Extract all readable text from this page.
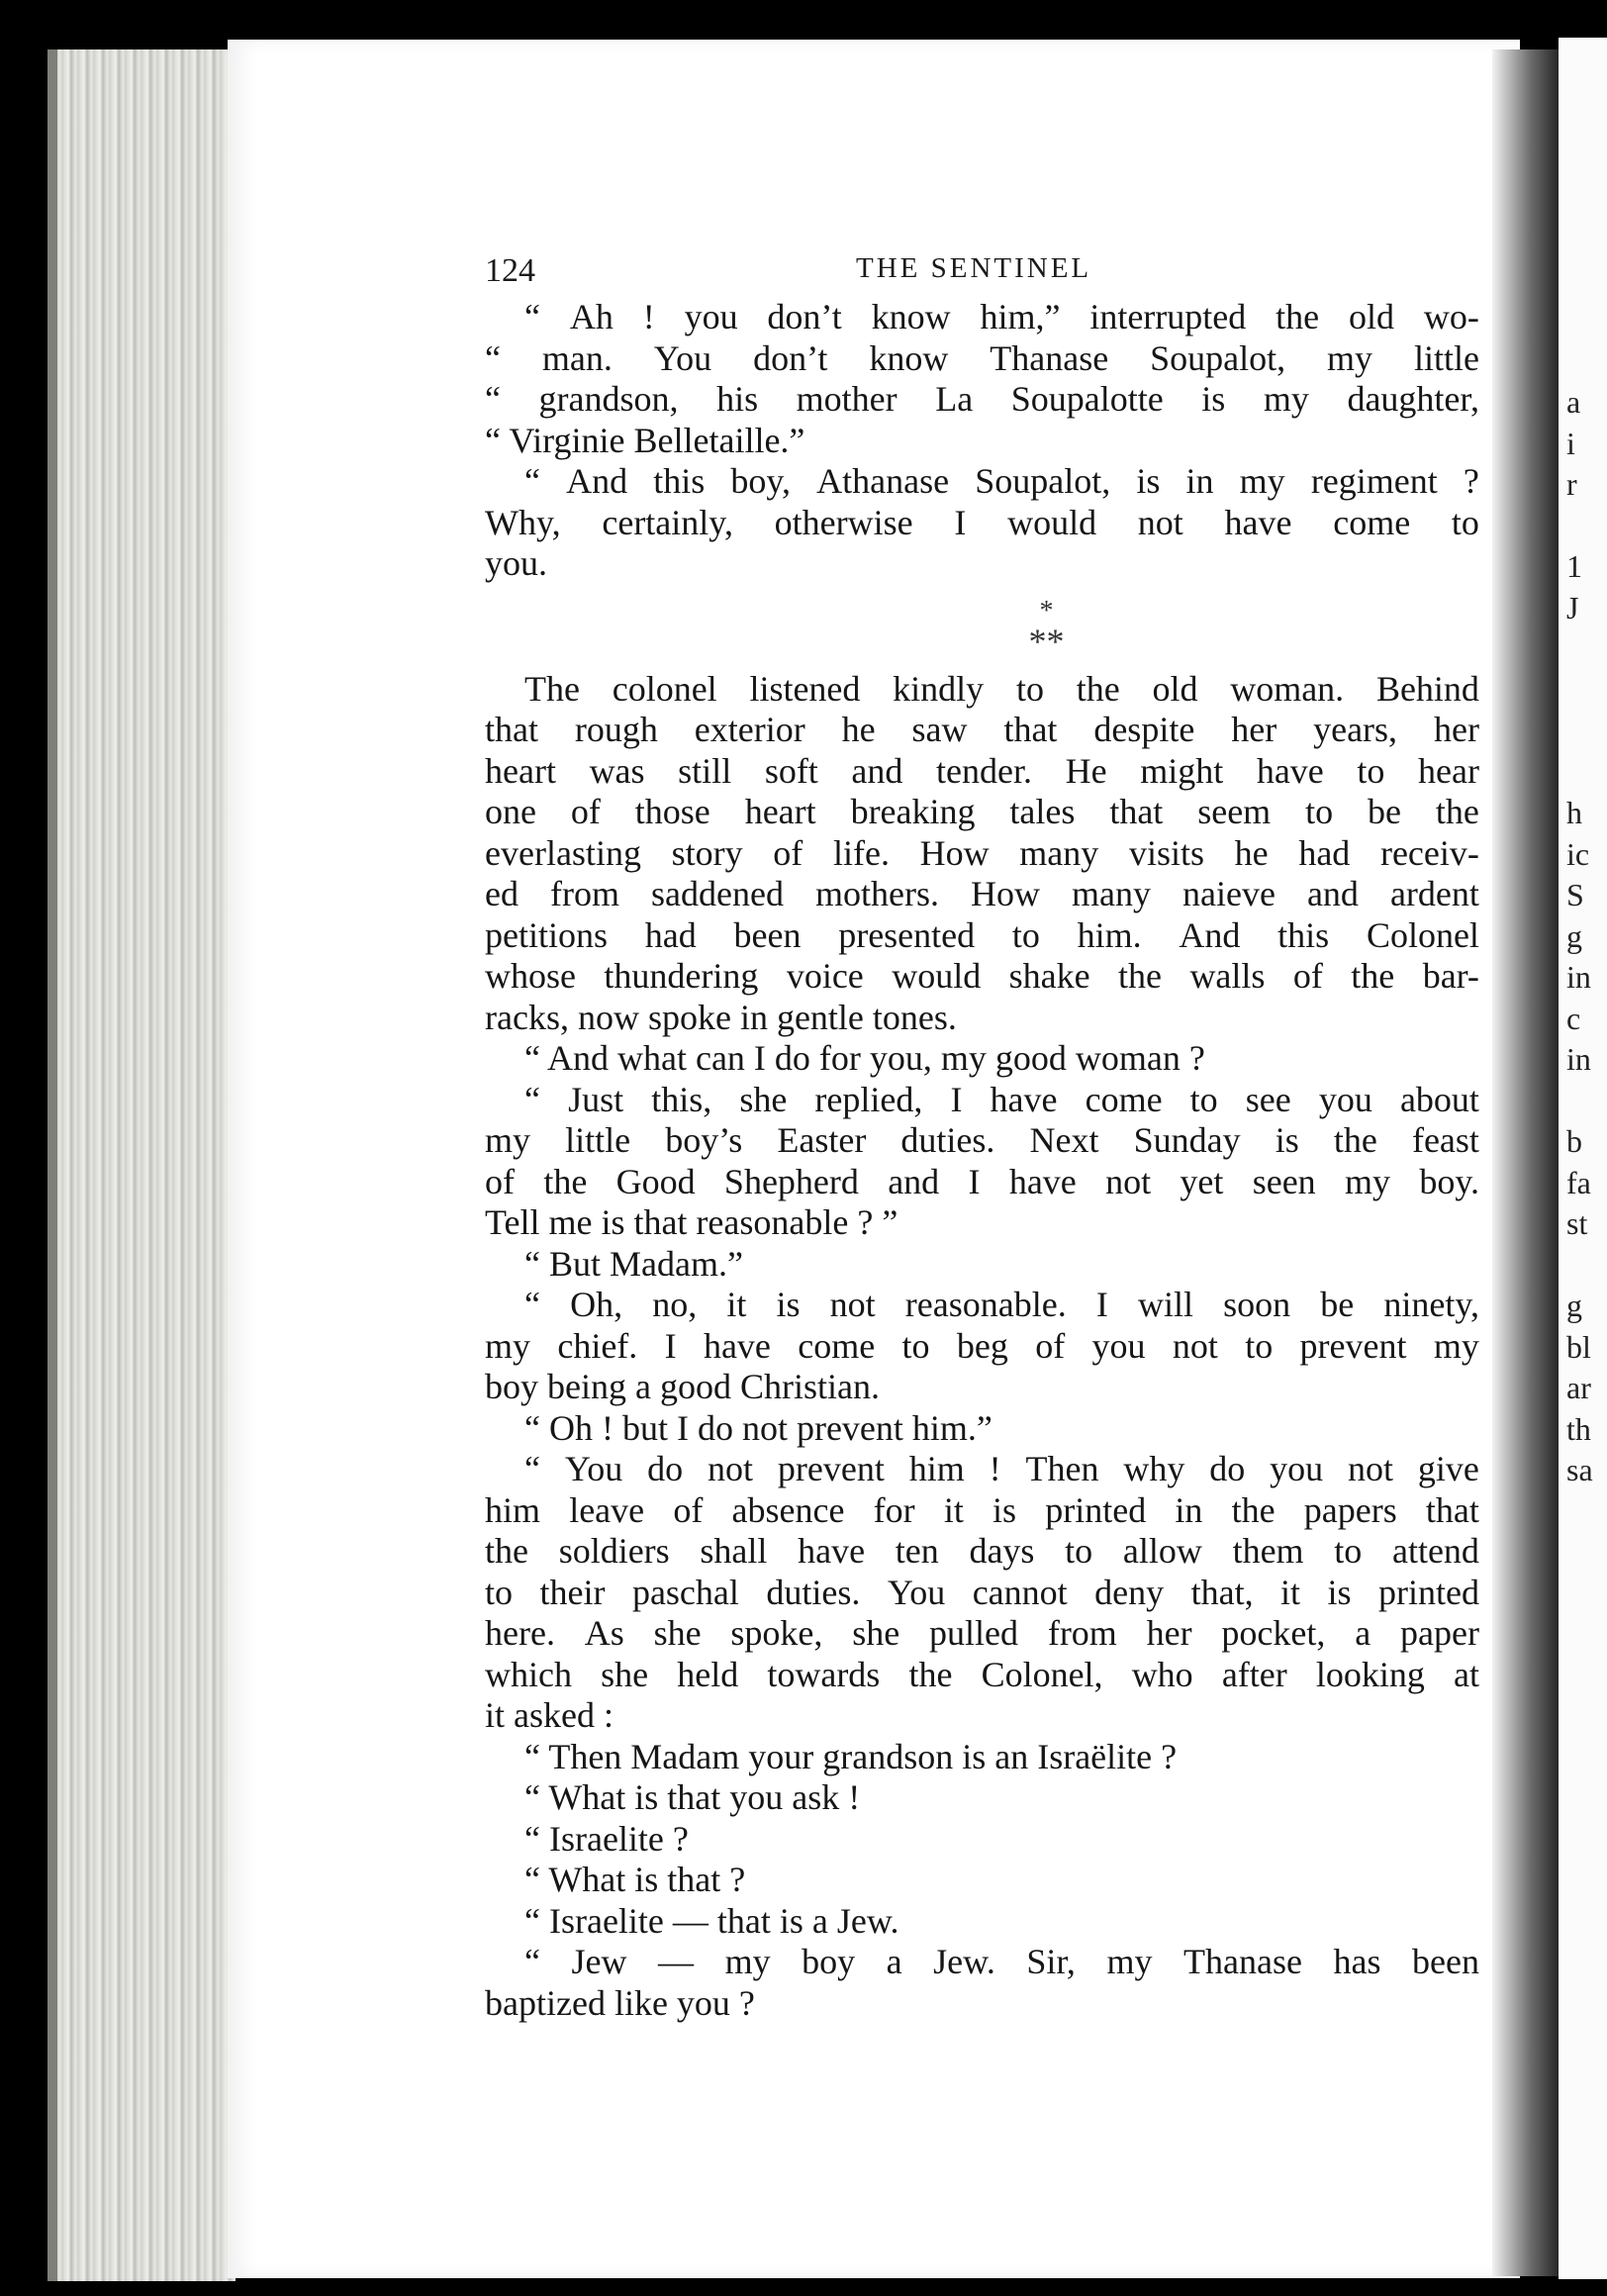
a
i
r
1
J
h
ic
S
g
in
c
in
b
fa
st
g
bl
ar
th
sa
124	THE SENTINEL
“ Ah ! you don’t know him,” interrupted the old wo-
“ man. You don’t know Thanase Soupalot, my little
“ grandson, his mother La Soupalotte is my daughter,
“ Virginie Belletaille.”
“ And this boy, Athanase Soupalot, is in my regiment ?
Why, certainly, otherwise I would not have come to
you.
*
**
The colonel listened kindly to the old woman. Behind
that rough exterior he saw that despite her years, her
heart was still soft and tender. He might have to hear
one of those heart breaking tales that seem to be the
everlasting story of life. How many visits he had receiv-
ed from saddened mothers. How many naieve and ardent
petitions had been presented to him. And this Colonel
whose thundering voice would shake the walls of the bar-
racks, now spoke in gentle tones.
“ And what can I do for you, my good woman ?
“ Just this, she replied, I have come to see you about
my little boy’s Easter duties. Next Sunday is the feast
of the Good Shepherd and I have not yet seen my boy.
Tell me is that reasonable ? ”
“ But Madam.”
“ Oh, no, it is not reasonable. I will soon be ninety,
my chief. I have come to beg of you not to prevent my
boy being a good Christian.
“ Oh ! but I do not prevent him.”
“ You do not prevent him ! Then why do you not give
him leave of absence for it is printed in the papers that
the soldiers shall have ten days to allow them to attend
to their paschal duties. You cannot deny that, it is printed
here. As she spoke, she pulled from her pocket, a paper
which she held towards the Colonel, who after looking at
it asked :
“ Then Madam your grandson is an Israëlite ?
“ What is that you ask !
“ Israelite ?
“ What is that ?
“ Israelite — that is a Jew.
“ Jew — my boy a Jew. Sir, my Thanase has been
baptized like you ?
